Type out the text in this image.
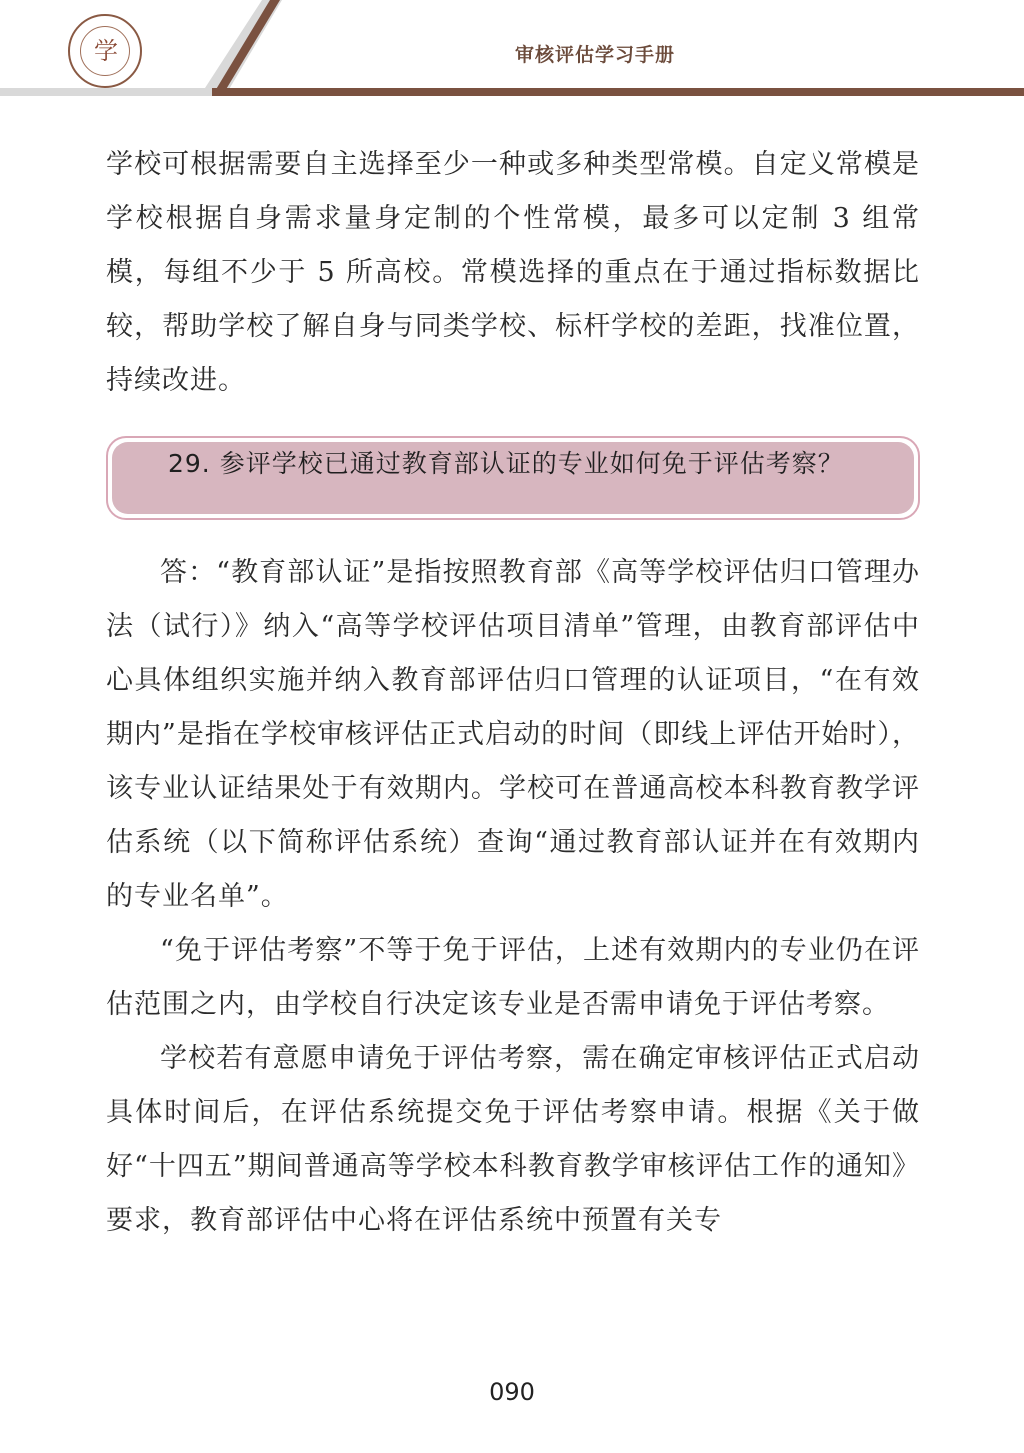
学	审核评估学习手册

学校可根据需要自主选择至少一种或多种类型常模。自定义常模是学校根据自身需求量身定制的个性常模，最多可以定制 3 组常模，每组不少于 5 所高校。常模选择的重点在于通过指标数据比较，帮助学校了解自身与同类学校、标杆学校的差距，找准位置，持续改进。

29. 参评学校已通过教育部认证的专业如何免于评估考察？

答：“教育部认证”是指按照教育部《高等学校评估归口管理办法（试行）》纳入“高等学校评估项目清单”管理，由教育部评估中心具体组织实施并纳入教育部评估归口管理的认证项目，“在有效期内”是指在学校审核评估正式启动的时间（即线上评估开始时），该专业认证结果处于有效期内。学校可在普通高校本科教育教学评估系统（以下简称评估系统）查询“通过教育部认证并在有效期内的专业名单”。

“免于评估考察”不等于免于评估，上述有效期内的专业仍在评估范围之内，由学校自行决定该专业是否需申请免于评估考察。

学校若有意愿申请免于评估考察，需在确定审核评估正式启动具体时间后，在评估系统提交免于评估考察申请。根据《关于做好“十四五”期间普通高等学校本科教育教学审核评估工作的通知》要求，教育部评估中心将在评估系统中预置有关专

090
